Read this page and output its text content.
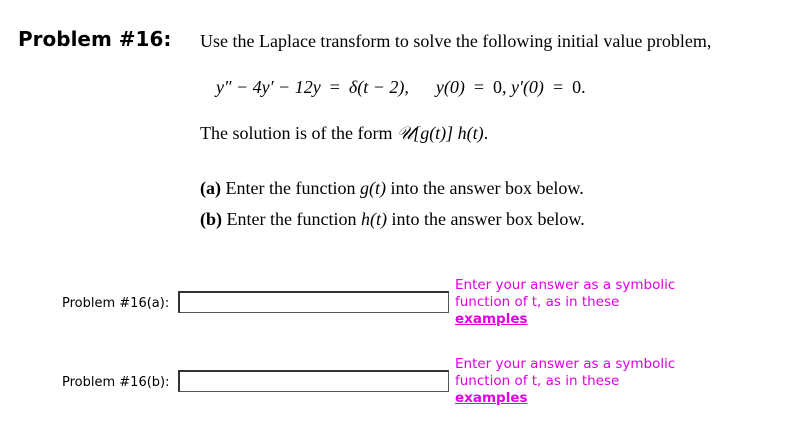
Problem #16: Use the Laplace transform to solve the following initial value problem,
y″ − 4y′ − 12y = δ(t − 2), y(0) = 0, y′(0) = 0.
The solution is of the form 𝒰[g(t)] h(t).
(a) Enter the function g(t) into the answer box below.
(b) Enter the function h(t) into the answer box below.
Problem #16(a):
Enter your answer as a symbolic function of t, as in these
examples
Problem #16(b):
Enter your answer as a symbolic function of t, as in these
examples
